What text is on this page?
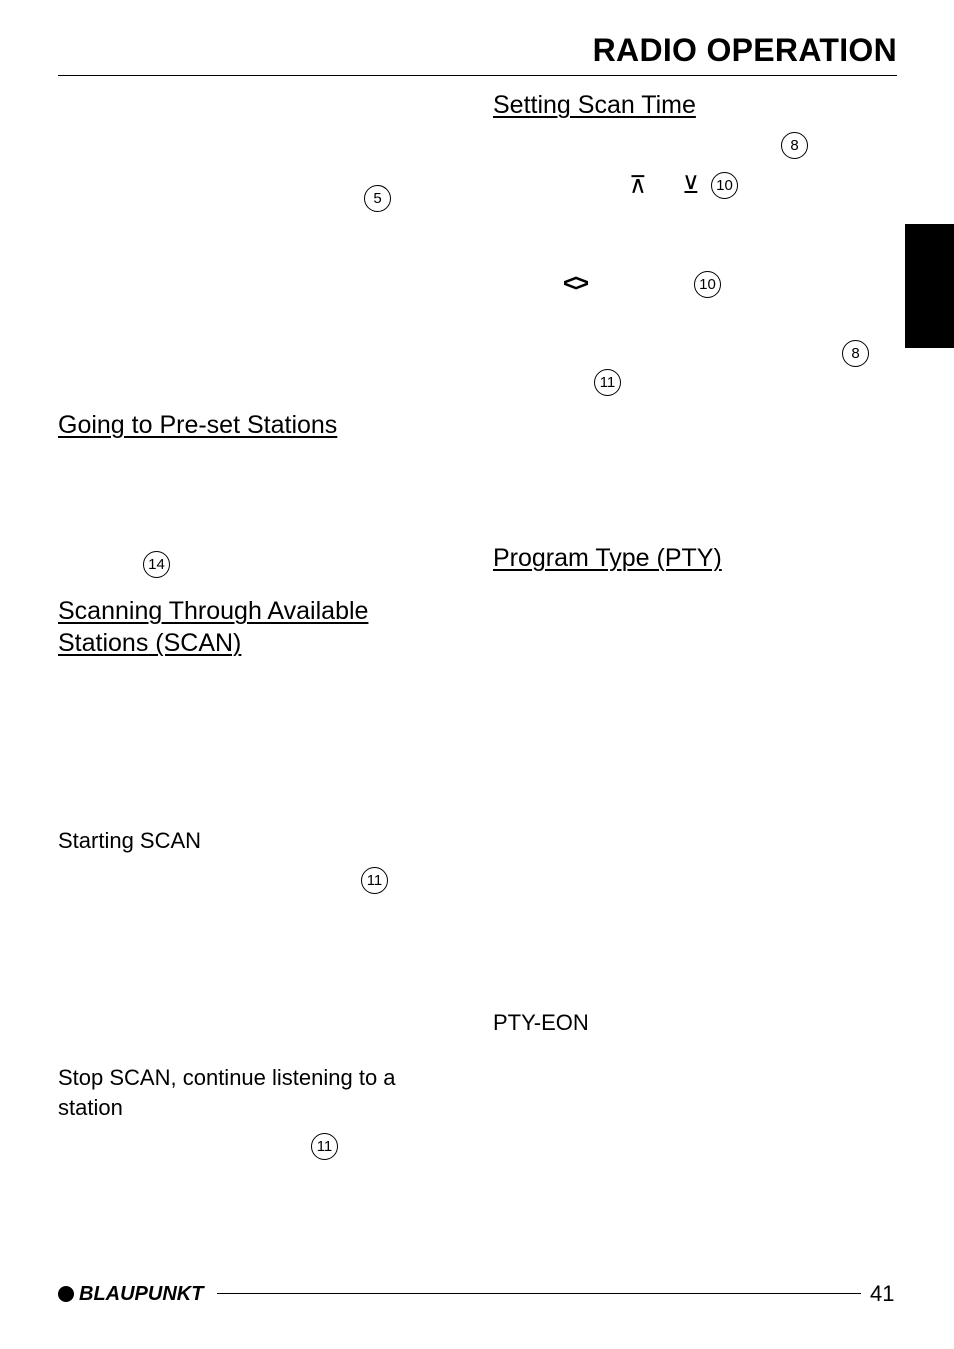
RADIO OPERATION
5
Going to Pre-set Stations
14
Scanning Through Available
Stations (SCAN)
Starting SCAN
11
Stop SCAN, continue listening to a
station
11
Setting Scan Time
8
⊼ ⊻	10
<>	10
8
11
Program Type (PTY)
PTY-EON
BLAUPUNKT	41
